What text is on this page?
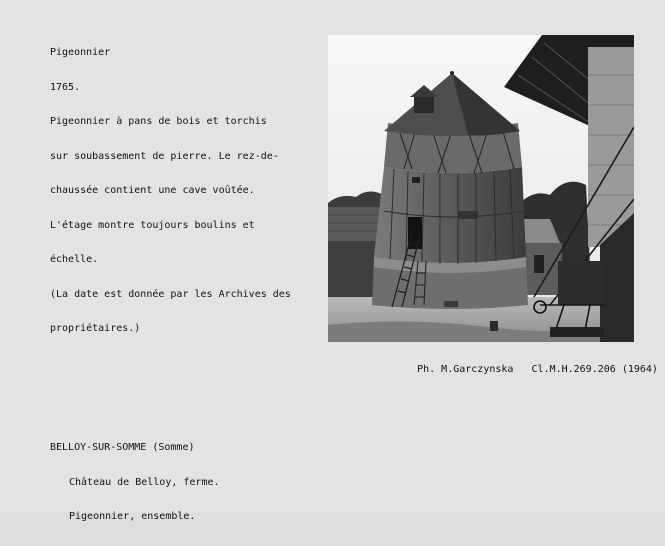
Pigeonnier

1765.

Pigeonnier à pans de bois et torchis

sur soubassement de pierre. Le rez-de-

chaussée contient une cave voûtée.

L'étage montre toujours boulins et

échelle.

(La date est donnée par les Archives des

propriétaires.)

Ph. M.Garczynska Cl.M.H.269.206 (1964)

BELLOY-SUR-SOMME (Somme)

Château de Belloy, ferme.

Pigeonnier, ensemble.
